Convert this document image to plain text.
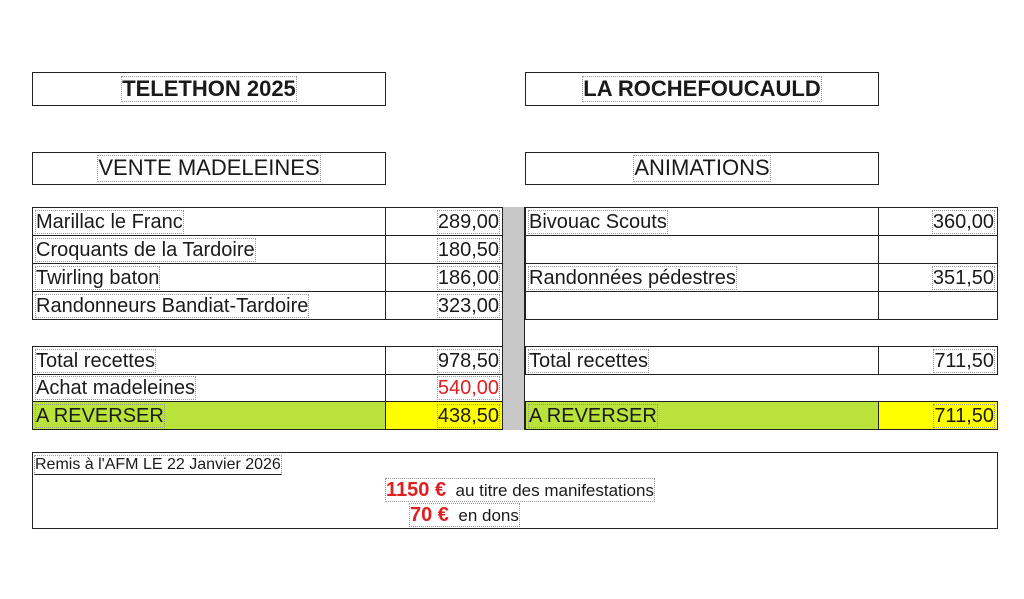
TELETHON 2025	LA ROCHEFOUCAULD
VENTE MADELEINES	ANIMATIONS
Marillac le Franc	289,00 Bivouac Scouts	360,00
Croquants de la Tardoire	180,50
Twirling baton	186,00 Randonnées pédestres	351,50
Randonneurs Bandiat-Tardoire	323,00
Total recettes	978,50 Total recettes	711,50
Achat madeleines	540,00
A REVERSER	438,50 A REVERSER	711,50
Remis à l'AFM LE 22 Janvier 2026
1150 € au titre des manifestations
70 € en dons
